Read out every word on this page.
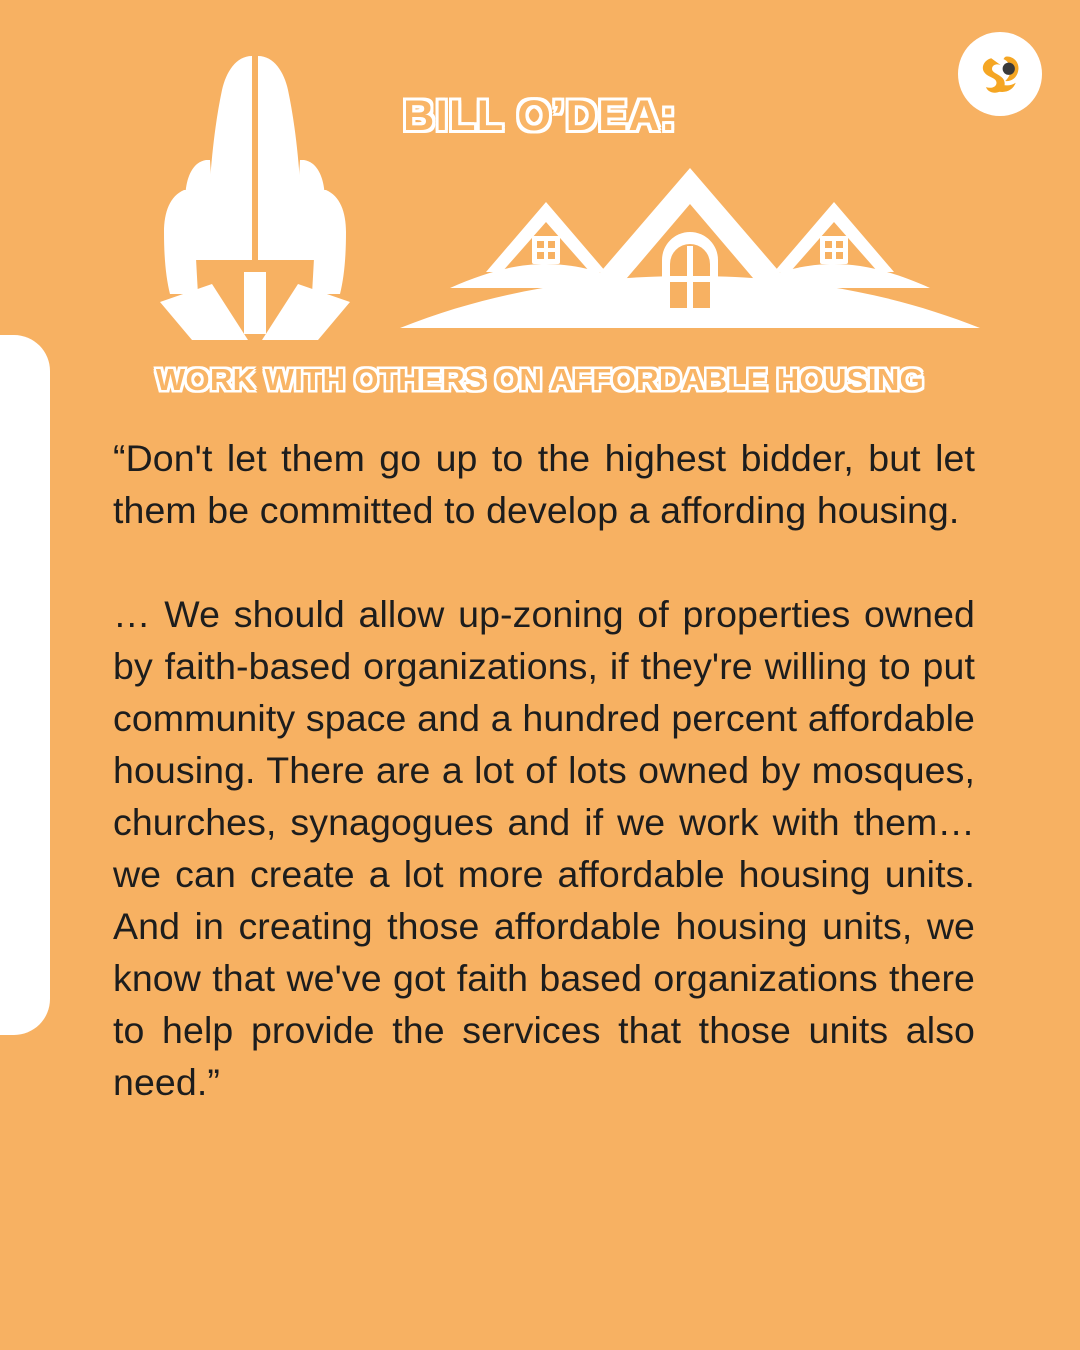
BILL O’DEA:
WORK WITH OTHERS ON AFFORDABLE HOUSING

“Don't let them go up to the highest bidder, but let them be committed to develop a affording housing.

… We should allow up-zoning of properties owned by faith-based organizations, if they're willing to put community space and a hundred percent affordable housing. There are a lot of lots owned by mosques, churches, synagogues and if we work with them… we can create a lot more affordable housing units. And in creating those affordable housing units, we know that we've got faith based organizations there to help provide the services that those units also need.”
